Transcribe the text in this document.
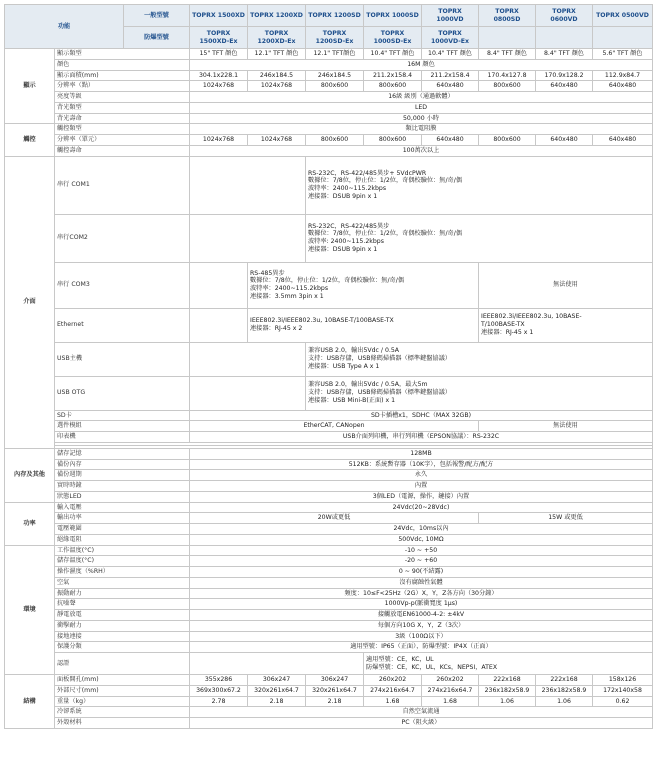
功能		一般型號	TOPRX 1500XD	TOPRX 1200XD	TOPRX 1200SD	TOPRX 1000SD	TOPRX 1000VD	TOPRX 0800SD	TOPRX 0600VD	TOPRX 0500VD
		防爆型號	TOPRX 1500XD-Ex	TOPRX 1200XD-Ex	TOPRX 1200SD-Ex	TOPRX 1000SD-Ex	TOPRX 1000VD-Ex			
顯示	顯示類型		15" TFT 顏色	12.1" TFT 顏色	12.1" TFT顏色	10.4" TFT 顏色	10.4" TFT 顏色	8.4" TFT 顏色	8.4" TFT 顏色	5.6" TFT 顏色
	顏色		16M 顏色							
	顯示面積(mm)		304.1x228.1	246x184.5	246x184.5	211.2x158.4	211.2x158.4	170.4x127.8	170.9x128.2	112.9x84.7
	分辨率（點）		1024x768	1024x768	800x600	800x600	640x480	800x600	640x480	640x480
	亮度等級		16級 級別（通過軟體）							
	背光類型		LED							
	背光壽命		50,000 小時							
觸控	觸控類型		類比電阻膜							
	分辨率（單元）		1024x768	1024x768	800x600	800x600	640x480	800x600	640x480	640x480
	觸控壽命		100萬次以上							
介面	串行 COM1				RS-232C，RS-422/485異步+ 5VdcPWR
數據位：7/8位，停止位：1/2位，奇偶校驗位：無/奇/偶
波特率：2400~115.2kbps
連接器：DSUB 9pin x 1					

	串行COM2				RS-232C，RS-422/485異步
數據位：7/8位，停止位：1/2位，奇偶校驗位：無/奇/偶
波特率: 2400~115.2kbps
連接器：DSUB 9pin x 1					

	串行 COM3			RS-485異步
數據位：7/8位，停止位：1/2位，奇偶校驗位：無/奇/偶
波特率：2400~115.2kbps
連接器：3.5mm 3pin x 1				無法使用		
	Ethernet			IEEE802.3i/IEEE802.3u, 10BASE-T/100BASE-TX
連接器：RJ-45 x 2				IEEE802.3i/IEEE802.3u, 10BASE-
T/100BASE-TX
連接器：RJ-45 x 1		

	USB主機				兼容USB 2.0，輸出5Vdc / 0.5A
支持：USB存儲，USB條碼掃描器（標準鍵盤協議）
連接器：USB Type A x 1					

	USB OTG				兼容USB 2.0，輸出5Vdc / 0.5A，最大5m
支持：USB存儲，USB條碼掃描器（標準鍵盤協議）
連接器：USB Mini-B(正面) x 1					

	SD卡		SD卡插槽x1，SDHC（MAX 32GB)							
	選件模組		EtherCAT, CANopen					無法使用		
	印表機		USB介面列印機，串行列印機（EPSON協議）：RS-232C							

內存及其他	儲存記憶		128MB							
	備份內存		512KB：系統暫存器（10K字），包括報警/配方/配方							
	備份週期		永久							
	實時時鐘		內置							
	狀態LED		3個LED（電源，操作，鏈接）內置							
功率	輸入電壓		24Vdc(20~28Vdc)							
	輸出功率		20W或更低					15W 或更低		
	電壓範圍		24Vdc，10ms以內							
	絕緣電阻		500Vdc, 10MΩ							
環境	工作溫度(°C)		-10 ~ +50							
	儲存溫度(°C)		-20 ~ +60							
	操作濕度（%RH）		0 ~ 90(不結露)							
	空氣		沒有腐蝕性氣體							
	振動耐力		頻度：10≤F<25Hz（2G）X，Y，Z各方向（30分鐘）							
	抗噪聲		1000Vp-p(脈衝寬度 1μs)							
	靜電放電		接觸放電EN61000-4-2: ±4kV							
	衝擊耐力		每個方向10G X，Y，Z（3次）							
	接地連接		3級（100Ω以下）							
	保護分類		適用型號：IP65（正面），防爆型號：IP4X（正面）							
	認證					適用型號：CE，KC，UL
防爆型號：CE，KC，UL，KCs，NEPSI，ATEX				

結構	面板開孔(mm)		355x286	306x247	306x247	260x202	260x202	222x168	222x168	158x126
	外部尺寸(mm)		369x300x67.2	320x261x64.7	320x261x64.7	274x216x64.7	274x216x64.7	236x182x58.9	236x182x58.9	172x140x58
	重量（kg）		2.78	2.18	2.18	1.68	1.68	1.06	1.06	0.62
	冷卻系統		自然空氣流通							
	外殼材料		PC（阻火級）							
